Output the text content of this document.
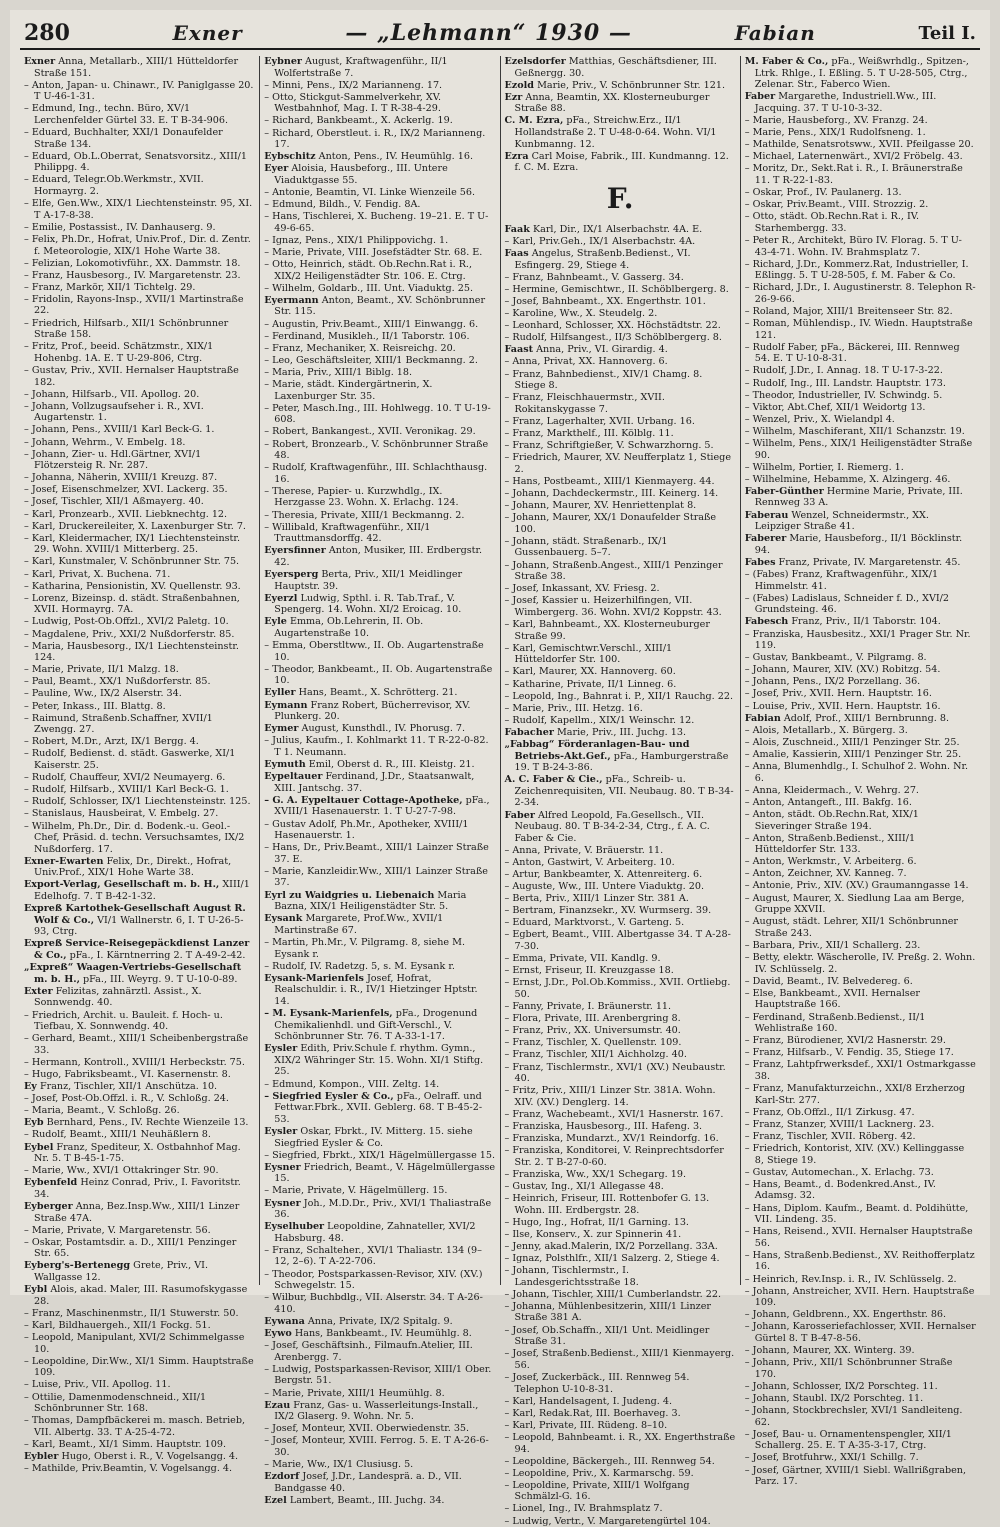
280	Exner	— „Lehmann“ 1930 —	Fabian	Teil I.
Exner Anna, Metallarb., XIII/1 Hütteldorfer Straße 151.
– Anton, Japan- u. Chinawr., IV. Paniglgasse 20. T U-46-1-31.
– Edmund, Ing., techn. Büro, XV/1 Lerchenfelder Gürtel 33. E. T B-34-906.
– Eduard, Buchhalter, XXI/1 Donaufelder Straße 134.
– Eduard, Ob.L.Oberrat, Senatsvorsitz., XIII/1 Philippg. 4.
– Eduard, Telegr.Ob.Werkmstr., XVII. Hormayrg. 2.
– Elfe, Gen.Ww., XIX/1 Liechtensteinstr. 95, XI. T A-17-8-38.
– Emilie, Postassist., IV. Danhauserg. 9.
– Felix, Ph.Dr., Hofrat, Univ.Prof., Dir. d. Zentr. f. Meteorologie, XIX/1 Hohe Warte 38.
– Felizian, Lokomotivführ., XX. Dammstr. 18.
– Franz, Hausbesorg., IV. Margaretenstr. 23.
– Franz, Markör, XII/1 Tichtelg. 29.
– Fridolin, Rayons-Insp., XVII/1 Martinstraße 22.
– Friedrich, Hilfsarb., XII/1 Schönbrunner Straße 158.
– Fritz, Prof., beeid. Schätzmstr., XIX/1 Hohenbg. 1A. E. T U-29-806, Ctrg.
– Gustav, Priv., XVII. Hernalser Hauptstraße 182.
– Johann, Hilfsarb., VII. Apollog. 20.
– Johann, Vollzugsaufseher i. R., XVI. Augartenstr. 1.
– Johann, Pens., XVIII/1 Karl Beck-G. 1.
– Johann, Wehrm., V. Embelg. 18.
– Johann, Zier- u. Hdl.Gärtner, XVI/1 Flötzersteig R. Nr. 287.
– Johanna, Näherin, XVIII/1 Kreuzg. 87.
– Josef, Eisenschmelzer, XVI. Lackerg. 35.
– Josef, Tischler, XII/1 Aßmayerg. 40.
– Karl, Pronzearb., XVII. Liebknechtg. 12.
– Karl, Druckereileiter, X. Laxenburger Str. 7.
– Karl, Kleidermacher, IX/1 Liechtensteinstr. 29. Wohn. XVIII/1 Mitterberg. 25.
– Karl, Kunstmaler, V. Schönbrunner Str. 75.
– Karl, Privat, X. Buchena. 71.
– Katharina, Pensionistin, XV. Quellenstr. 93.
– Lorenz, Bizeinsp. d. städt. Straßenbahnen, XVII. Hormayrg. 7A.
– Ludwig, Post-Ob.Offzl., XVI/2 Paletg. 10.
– Magdalene, Priv., XXI/2 Nußdorferstr. 85.
– Maria, Hausbesorg., IX/1 Liechtensteinstr. 124.
– Marie, Private, II/1 Malzg. 18.
– Paul, Beamt., XX/1 Nußdorferstr. 85.
– Pauline, Ww., IX/2 Alserstr. 34.
– Peter, Inkass., III. Blattg. 8.
– Raimund, Straßenb.Schaffner, XVII/1 Zwengg. 27.
– Robert, M.Dr., Arzt, IX/1 Bergg. 4.
– Rudolf, Bedienst. d. städt. Gaswerke, XI/1 Kaiserstr. 25.
– Rudolf, Chauffeur, XVI/2 Neumayerg. 6.
– Rudolf, Hilfsarb., XVIII/1 Karl Beck-G. 1.
– Rudolf, Schlosser, IX/1 Liechtensteinstr. 125.
– Stanislaus, Hausbeirat, V. Embelg. 27.
– Wilhelm, Ph.Dr., Dir. d. Bodenk.-u. Geol.-Chef, Präsid. d. techn. Versuchsamtes, IX/2 Nußdorferg. 17.
Exner-Ewarten Felix, Dr., Direkt., Hofrat, Univ.Prof., XIX/1 Hohe Warte 38.
Export-Verlag, Gesellschaft m. b. H., XIII/1 Edelhofg. 7. T B-42-1-32.
Expreß Kartothek-Gesellschaft August R. Wolf & Co., VI/1 Wallnerstr. 6, I. T U-26-5-93, Ctrg.
Expreß Service-Reisegepäckdienst Lanzer & Co., pFa., I. Kärntnerring 2. T A-49-2-42.
„Expreß“ Waagen-Vertriebs-Gesellschaft m. b. H., pFa., III. Weyrg. 9. T U-10-0-89.
Exter Felizitas, zahnärztl. Assist., X. Sonnwendg. 40.
– Friedrich, Archit. u. Bauleit. f. Hoch- u. Tiefbau, X. Sonnwendg. 40.
– Gerhard, Beamt., XIII/1 Scheibenbergstraße 33.
– Hermann, Kontroll., XVIII/1 Herbeckstr. 75.
– Hugo, Fabriksbeamt., VI. Kasernenstr. 8.
Ey Franz, Tischler, XII/1 Anschütza. 10.
– Josef, Post-Ob.Offzl. i. R., V. Schloßg. 24.
– Maria, Beamt., V. Schloßg. 26.
Eyb Bernhard, Pens., IV. Rechte Wienzeile 13.
– Rudolf, Beamt., XIII/1 Neuhäßlern 8.
Eybel Franz, Spediteur, X. Ostbahnhof Mag. Nr. 5. T B-45-1-75.
– Marie, Ww., XVI/1 Ottakringer Str. 90.
Eybenfeld Heinz Conrad, Priv., I. Favoritstr. 34.
Eyberger Anna, Bez.Insp.Ww., XIII/1 Linzer Straße 47A.
– Marie, Private, V. Margaretenstr. 56.
– Oskar, Postamtsdir. a. D., XIII/1 Penzinger Str. 65.
Eyberg's-Bertenegg Grete, Priv., VI. Wallgasse 12.
Eybl Alois, akad. Maler, III. Rasumofskygasse 28.
– Franz, Maschinenmstr., II/1 Stuwerstr. 50.
– Karl, Bildhauergeh., XII/1 Fockg. 51.
– Leopold, Manipulant, XVI/2 Schimmelgasse 10.
– Leopoldine, Dir.Ww., XI/1 Simm. Hauptstraße 109.
– Luise, Priv., VII. Apollog. 11.
– Ottilie, Damenmodenschneid., XII/1 Schönbrunner Str. 168.
– Thomas, Dampfbäckerei m. masch. Betrieb, VII. Albertg. 33. T A-25-4-72.
– Karl, Beamt., XI/1 Simm. Hauptstr. 109.
Eybler Hugo, Oberst i. R., V. Vogelsangg. 4.
– Mathilde, Priv.Beamtin, V. Vogelsangg. 4.
Eybner August, Kraftwagenführ., II/1 Wolfertstraße 7.
– Minni, Pens., IX/2 Marianneng. 17.
– Otto, Stickgut-Sammelverkehr, XV. Westbahnhof, Mag. I. T R-38-4-29.
– Richard, Bankbeamt., X. Ackerlg. 19.
– Richard, Oberstleut. i. R., IX/2 Marianneng. 17.
Eybschitz Anton, Pens., IV. Heumühlg. 16.
Eyer Aloisia, Hausbeforg., III. Untere Viaduktgasse 55.
– Antonie, Beamtin, VI. Linke Wienzeile 56.
– Edmund, Bildh., V. Fendig. 8A.
– Hans, Tischlerei, X. Bucheng. 19–21. E. T U-49-6-65.
– Ignaz, Pens., XIX/1 Philippovichg. 1.
– Marie, Private, VIII. Josefstädter Str. 68. E.
– Otto, Heinrich, städt. Ob.Rechn.Rat i. R., XIX/2 Heiligenstädter Str. 106. E. Ctrg.
– Wilhelm, Goldarb., III. Unt. Viaduktg. 25.
Eyermann Anton, Beamt., XV. Schönbrunner Str. 115.
– Augustin, Priv.Beamt., XIII/1 Einwangg. 6.
– Ferdinand, Musikleh., II/1 Taborstr. 106.
– Franz, Mechaniker, X. Reisreichg. 20.
– Leo, Geschäftsleiter, XIII/1 Beckmanng. 2.
– Maria, Priv., XIII/1 Biblg. 18.
– Marie, städt. Kindergärtnerin, X. Laxenburger Str. 35.
– Peter, Masch.Ing., III. Hohlwegg. 10. T U-19-608.
– Robert, Bankangest., XVII. Veronikag. 29.
– Robert, Bronzearb., V. Schönbrunner Straße 48.
– Rudolf, Kraftwagenführ., III. Schlachthausg. 16.
– Therese, Papier- u. Kurzwhdlg., IX. Herzgasse 23. Wohn. X. Erlachg. 124.
– Theresia, Private, XIII/1 Beckmanng. 2.
– Willibald, Kraftwagenführ., XII/1 Trauttmansdorffg. 42.
Eyersfinner Anton, Musiker, III. Erdbergstr. 42.
Eyersperg Berta, Priv., XII/1 Meidlinger Hauptstr. 39.
Eyerzl Ludwig, Spthl. i. R. Tab.Traf., V. Spengerg. 14. Wohn. XI/2 Eroicag. 10.
Eyle Emma, Ob.Lehrerin, II. Ob. Augartenstraße 10.
– Emma, Oberstltww., II. Ob. Augartenstraße 10.
– Theodor, Bankbeamt., II. Ob. Augartenstraße 10.
Eyller Hans, Beamt., X. Schrötterg. 21.
Eymann Franz Robert, Bücherrevisor, XV. Plunkerg. 20.
Eymer August, Kunsthdl., IV. Phorusg. 7.
– Julius, Kaufm., I. Kohlmarkt 11. T R-22-0-82. T 1. Neumann.
Eymuth Emil, Oberst d. R., III. Kleistg. 21.
Eypeltauer Ferdinand, J.Dr., Staatsanwalt, XIII. Jantschg. 37.
– G. A. Eypeltauer Cottage-Apotheke, pFa., XVIII/1 Hasenauerstr. 1. T U-27-7-98.
– Gustav Adolf, Ph.Mr., Apotheker, XVIII/1 Hasenauerstr. 1.
– Hans, Dr., Priv.Beamt., XIII/1 Lainzer Straße 37. E.
– Marie, Kanzleidir.Ww., XIII/1 Lainzer Straße 37.
Eyrl zu Waidgries u. Liebenaich Maria Bazna, XIX/1 Heiligenstädter Str. 5.
Eysank Margarete, Prof.Ww., XVII/1 Martinstraße 67.
– Martin, Ph.Mr., V. Pilgramg. 8, siehe M. Eysank r.
– Rudolf, IV. Radetzg. 5, s. M. Eysank r.
Eysank-Marienfels Josef, Hofrat, Realschuldir. i. R., IV/1 Hietzinger Hptstr. 14.
– M. Eysank-Marienfels, pFa., Drogenund Chemikalienhdl. und Gift-Verschl., V. Schönbrunner Str. 76. T A-33-1-17.
Eysler Edith, Priv.Schule f. rhythm. Gymn., XIX/2 Währinger Str. 15. Wohn. XI/1 Stiftg. 25.
– Edmund, Kompon., VIII. Zeltg. 14.
– Siegfried Eysler & Co., pFa., Oelraff. und Fettwar.Fbrk., XVII. Geblerg. 68. T B-45-2-53.
Eysler Oskar, Fbrkt., IV. Mitterg. 15. siehe Siegfried Eysler & Co.
– Siegfried, Fbrkt., XIX/1 Hägelmüllergasse 15.
Eysner Friedrich, Beamt., V. Hägelmüllergasse 15.
– Marie, Private, V. Hägelmüllerg. 15.
Eysner Joh., M.D.Dr., Priv., XVI/1 Thaliastraße 36.
Eyselhuber Leopoldine, Zahnateller, XVI/2 Habsburg. 48.
– Franz, Schalteher., XVI/1 Thaliastr. 134 (9–12, 2–6). T A-22-706.
– Theodor, Postsparkassen-Revisor, XIV. (XV.) Schwegelstr. 15.
– Wilbur, Buchbdlg., VII. Alserstr. 34. T A-26-410.
Eywana Anna, Private, IX/2 Spitalg. 9.
Eywo Hans, Bankbeamt., IV. Heumühlg. 8.
– Josef, Geschäftsinh., Filmaufn.Atelier, III. Arenbergg. 7.
– Ludwig, Postsparkassen-Revisor, XIII/1 Ober. Bergstr. 51.
– Marie, Private, XIII/1 Heumühlg. 8.
Ezau Franz, Gas- u. Wasserleitungs-Install., IX/2 Glaserg. 9. Wohn. Nr. 5.
– Josef, Monteur, XVII. Oberwiedenstr. 35.
– Josef, Monteur, XVIII. Ferrog. 5. E. T A-26-6-30.
– Marie, Ww., IX/1 Clusiusg. 5.
Ezdorf Josef, J.Dr., Landesprä. a. D., VII. Bandgasse 40.
Ezel Lambert, Beamt., III. Juchg. 34.
Ezelsdorfer Matthias, Geschäftsdiener, III. Geßnergg. 30.
Ezold Marie, Priv., V. Schönbrunner Str. 121.
Ezr Anna, Beamtin, XX. Klosterneuburger Straße 88.
C. M. Ezra, pFa., Streichw.Erz., II/1 Hollandstraße 2. T U-48-0-64. Wohn. VI/1 Kunbmanng. 12.
Ezra Carl Moise, Fabrik., III. Kundmanng. 12. f. C. M. Ezra.
F.
Faak Karl, Dir., IX/1 Alserbachstr. 4A. E.
– Karl, Priv.Geh., IX/1 Alserbachstr. 4A.
Faas Angelus, Straßenb.Bedienst., VI. Esfingerg. 29, Stiege 4.
– Franz, Bahnbeamt., V. Gasserg. 34.
– Hermine, Gemischtwr., II. Schöblbergerg. 8.
– Josef, Bahnbeamt., XX. Engerthstr. 101.
– Karoline, Ww., X. Steudelg. 2.
– Leonhard, Schlosser, XX. Höchstädtstr. 22.
– Rudolf, Hilfsangest., II/3 Schöblbergerg. 8.
Faast Anna, Priv., VI. Girardig. 4.
– Anna, Privat, XX. Hannoverg. 6.
– Franz, Bahnbedienst., XIV/1 Chamg. 8. Stiege 8.
– Franz, Fleischhauermstr., XVII. Rokitanskygasse 7.
– Franz, Lagerhalter, XVII. Urbang. 16.
– Franz, Markthelf., III. Kölblg. 11.
– Franz, Schriftgießer, V. Schwarzhorng. 5.
– Friedrich, Maurer, XV. Neufferplatz 1, Stiege 2.
– Hans, Postbeamt., XIII/1 Kienmayerg. 44.
– Johann, Dachdeckermstr., III. Keinerg. 14.
– Johann, Maurer, XV. Henriettenplat 8.
– Johann, Maurer, XX/1 Donaufelder Straße 100.
– Johann, städt. Straßenarb., IX/1 Gussenbauerg. 5–7.
– Johann, Straßenb.Angest., XIII/1 Penzinger Straße 38.
– Josef, Inkassant, XV. Friesg. 2.
– Josef, Kassier u. Heizerhilfingen, VII. Wimbergerg. 36. Wohn. XVI/2 Koppstr. 43.
– Karl, Bahnbeamt., XX. Klosterneuburger Straße 99.
– Karl, Gemischtwr.Verschl., XIII/1 Hütteldorfer Str. 100.
– Karl, Maurer, XX. Hannoverg. 60.
– Katharine, Private, II/1 Linneg. 6.
– Leopold, Ing., Bahnrat i. P., XII/1 Rauchg. 22.
– Marie, Priv., III. Hetzg. 16.
– Rudolf, Kapellm., XIX/1 Weinschr. 12.
Fabacher Marie, Priv., III. Juchg. 13.
„Fabbag“ Förderanlagen-Bau- und Betriebs-Akt.Gef., pFa., Hamburgerstraße 19. T B-24-3-86.
A. C. Faber & Cie., pFa., Schreib- u. Zeichenrequisiten, VII. Neubaug. 80. T B-34-2-34.
Faber Alfred Leopold, Fa.Gesellsch., VII. Neubaug. 80. T B-34-2-34, Ctrg., f. A. C. Faber & Cie.
– Anna, Private, V. Bräuerstr. 11.
– Anton, Gastwirt, V. Arbeiterg. 10.
– Artur, Bankbeamter, X. Attenreiterg. 6.
– Auguste, Ww., III. Untere Viaduktg. 20.
– Berta, Priv., XIII/1 Linzer Str. 381 A.
– Bertram, Finanzsekr., XV. Wurmserg. 39.
– Eduard, Marktvorst., V. Garteng. 5.
– Egbert, Beamt., VIII. Albertgasse 34. T A-28-7-30.
– Emma, Private, VII. Kandlg. 9.
– Ernst, Friseur, II. Kreuzgasse 18.
– Ernst, J.Dr., Pol.Ob.Kommiss., XVII. Ortliebg. 50.
– Fanny, Private, I. Bräunerstr. 11.
– Flora, Private, III. Arenbergring 8.
– Franz, Priv., XX. Universumstr. 40.
– Franz, Tischler, X. Quellenstr. 109.
– Franz, Tischler, XII/1 Aichholzg. 40.
– Franz, Tischlermstr., XVI/1 (XV.) Neubaustr. 40.
– Fritz, Priv., XIII/1 Linzer Str. 381A. Wohn. XIV. (XV.) Denglerg. 14.
– Franz, Wachebeamt., XVI/1 Hasnerstr. 167.
– Franziska, Hausbesorg., III. Hafeng. 3.
– Franziska, Mundarzt., XV/1 Reindorfg. 16.
– Franziska, Konditorei, V. Reinprechtsdorfer Str. 2. T B-27-0-60.
– Franziska, Ww., XX/1 Schegarg. 19.
– Gustav, Ing., XI/1 Allegasse 48.
– Heinrich, Friseur, III. Rottenbofer G. 13. Wohn. III. Erdbergstr. 28.
– Hugo, Ing., Hofrat, II/1 Garning. 13.
– Ilse, Konserv., X. zur Spinnerin 41.
– Jenny, akad.Malerin, IX/2 Porzellang. 33A.
– Ignaz, Polsthlfr., XII/1 Salzerg. 2, Stiege 4.
– Johann, Tischlermstr., I. Landesgerichtsstraße 18.
– Johann, Tischler, XIII/1 Cumberlandstr. 22.
– Johanna, Mühlenbesitzerin, XIII/1 Linzer Straße 381 A.
– Josef, Ob.Schaffn., XII/1 Unt. Meidlinger Straße 31.
– Josef, Straßenb.Bedienst., XIII/1 Kienmayerg. 56.
– Josef, Zuckerbäck., III. Rennweg 54. Telephon U-10-8-31.
– Karl, Handelsagent, I. Judeng. 4.
– Karl, Redak.Rat, III. Boerhaveg. 3.
– Karl, Private, III. Rüdeng. 8–10.
– Leopold, Bahnbeamt. i. R., XX. Engerthstraße 94.
– Leopoldine, Bäckergeh., III. Rennweg 54.
– Leopoldine, Priv., X. Karmarschg. 59.
– Leopoldine, Private, XIII/1 Wolfgang Schmälzl-G. 16.
– Lionel, Ing., IV. Brahmsplatz 7.
– Ludwig, Vertr., V. Margaretengürtel 104.
M. Faber & Co., pFa., Weißwrhdlg., Spitzen-, Ltrk. Rhlge., I. Eßling. 5. T U-28-505, Ctrg., Zelenar. Str., Faberco Wien.
Faber Margarethe, Industriell.Ww., III. Jacquing. 37. T U-10-3-32.
– Marie, Hausbeforg., XV. Franzg. 24.
– Marie, Pens., XIX/1 Rudolfsneng. 1.
– Mathilde, Senatsrotsww., XVII. Pfeilgasse 20.
– Michael, Laternenwärt., XVI/2 Fröbelg. 43.
– Moritz, Dr., Sekt.Rat i. R., I. Bräunerstraße 11. T R-22-1-83.
– Oskar, Prof., IV. Paulanerg. 13.
– Oskar, Priv.Beamt., VIII. Strozzig. 2.
– Otto, städt. Ob.Rechn.Rat i. R., IV. Starhembergg. 33.
– Peter R., Architekt, Büro IV. Florag. 5. T U-43-4-71. Wohn. IV. Brahmsplatz 7.
– Richard, J.Dr., Kommerz.Rat, Industrieller, I. Eßlingg. 5. T U-28-505, f. M. Faber & Co.
– Richard, J.Dr., I. Augustinerstr. 8. Telephon R-26-9-66.
– Roland, Major, XIII/1 Breitenseer Str. 82.
– Roman, Mühlendisp., IV. Wiedn. Hauptstraße 121.
– Rudolf Faber, pFa., Bäckerei, III. Rennweg 54. E. T U-10-8-31.
– Rudolf, J.Dr., I. Annag. 18. T U-17-3-22.
– Rudolf, Ing., III. Landstr. Hauptstr. 173.
– Theodor, Industrieller, IV. Schwindg. 5.
– Viktor, Abt.Chef, XII/1 Weidortg 13.
– Wenzel, Priv., X. Wielandpl 4.
– Wilhelm, Maschiferant, XII/1 Schanzstr. 19.
– Wilhelm, Pens., XIX/1 Heiligenstädter Straße 90.
– Wilhelm, Portier, I. Riemerg. 1.
– Wilhelmine, Hebamme, X. Alzingerg. 46.
Faber-Günther Hermine Marie, Private, III. Rennweg 33 A.
Faberau Wenzel, Schneidermstr., XX. Leipziger Straße 41.
Faberer Marie, Hausbeforg., II/1 Böcklinstr. 94.
Fabes Franz, Private, IV. Margaretenstr. 45.
– (Fabes) Franz, Kraftwagenführ., XIX/1 Himmelstr. 41.
– (Fabes) Ladislaus, Schneider f. D., XVI/2 Grundsteing. 46.
Fabesch Franz, Priv., II/1 Taborstr. 104.
– Franziska, Hausbesitz., XXI/1 Prager Str. Nr. 119.
– Gustav, Bankbeamt., V. Pilgramg. 8.
– Johann, Maurer, XIV. (XV.) Robitzg. 54.
– Johann, Pens., IX/2 Porzellang. 36.
– Josef, Priv., XVII. Hern. Hauptstr. 16.
– Louise, Priv., XVII. Hern. Hauptstr. 16.
Fabian Adolf, Prof., XIII/1 Bernbrunng. 8.
– Alois, Metallarb., X. Bürgerg. 3.
– Alois, Zuschneid., XIII/1 Penzinger Str. 25.
– Amalie, Kassierin, XIII/1 Penzinger Str. 25.
– Anna, Blumenhdlg., I. Schulhof 2. Wohn. Nr. 6.
– Anna, Kleidermach., V. Wehrg. 27.
– Anton, Antangeft., III. Bakfg. 16.
– Anton, städt. Ob.Rechn.Rat, XIX/1 Sieveringer Straße 194.
– Anton, Straßenb.Bedienst., XIII/1 Hütteldorfer Str. 133.
– Anton, Werkmstr., V. Arbeiterg. 6.
– Anton, Zeichner, XV. Kanneg. 7.
– Antonie, Priv., XIV. (XV.) Graumanngasse 14.
– August, Maurer, X. Siedlung Laa am Berge, Gruppe XXVII.
– August, städt. Lehrer, XII/1 Schönbrunner Straße 243.
– Barbara, Priv., XII/1 Schallerg. 23.
– Betty, elektr. Wäscherolle, IV. Preßg. 2. Wohn. IV. Schlüsselg. 2.
– David, Beamt., IV. Belvedereg. 6.
– Else, Bankbeamt., XVII. Hernalser Hauptstraße 166.
– Ferdinand, Straßenb.Bedienst., II/1 Wehlistraße 160.
– Franz, Bürodiener, XVI/2 Hasnerstr. 29.
– Franz, Hilfsarb., V. Fendig. 35, Stiege 17.
– Franz, Lahtpfrwerksdef., XXI/1 Ostmarkgasse 38.
– Franz, Manufakturzeichn., XXI/8 Erzherzog Karl-Str. 277.
– Franz, Ob.Offzl., II/1 Zirkusg. 47.
– Franz, Stanzer, XVIII/1 Lacknerg. 23.
– Franz, Tischler, XVII. Röberg. 42.
– Friedrich, Kontorist, XIV. (XV.) Kellinggasse 8, Stiege 19.
– Gustav, Automechan., X. Erlachg. 73.
– Hans, Beamt., d. Bodenkred.Anst., IV. Adamsg. 32.
– Hans, Diplom. Kaufm., Beamt. d. Poldihütte, VII. Lindeng. 35.
– Hans, Reisend., XVII. Hernalser Hauptstraße 56.
– Hans, Straßenb.Bedienst., XV. Reithofferplatz 16.
– Heinrich, Rev.Insp. i. R., IV. Schlüsselg. 2.
– Johann, Anstreicher, XVII. Hern. Hauptstraße 109.
– Johann, Geldbrenn., XX. Engerthstr. 86.
– Johann, Karosseriefachlosser, XVII. Hernalser Gürtel 8. T B-47-8-56.
– Johann, Maurer, XX. Winterg. 39.
– Johann, Priv., XII/1 Schönbrunner Straße 170.
– Johann, Schlosser, IX/2 Porschteg. 11.
– Johann, Staubl. IX/2 Porschteg. 11.
– Johann, Stockbrechsler, XVI/1 Sandleiteng. 62.
– Josef, Bau- u. Ornamentenspengler, XII/1 Schallerg. 25. E. T A-35-3-17, Ctrg.
– Josef, Brotfuhrw., XXI/1 Schillg. 7.
– Josef, Gärtner, XVIII/1 Siebl. Wallrißgraben, Parz. 17.
